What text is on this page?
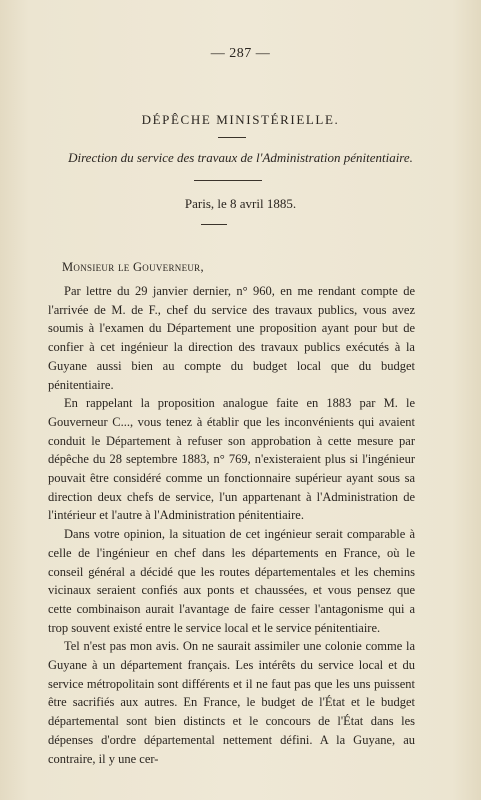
— 287 —
DÉPÊCHE MINISTÉRIELLE.
Direction du service des travaux de l'Administration pénitentiaire.
Paris, le 8 avril 1885.
Monsieur le Gouverneur,

Par lettre du 29 janvier dernier, n° 960, en me rendant compte de l'arrivée de M. de F., chef du service des travaux publics, vous avez soumis à l'examen du Département une proposition ayant pour but de confier à cet ingénieur la direction des travaux publics exécutés à la Guyane aussi bien au compte du budget local que du budget pénitentiaire.

En rappelant la proposition analogue faite en 1883 par M. le Gouverneur C..., vous tenez à établir que les inconvénients qui avaient conduit le Département à refuser son approbation à cette mesure par dépêche du 28 septembre 1883, n° 769, n'existeraient plus si l'ingénieur pouvait être considéré comme un fonctionnaire supérieur ayant sous sa direction deux chefs de service, l'un appartenant à l'Administration de l'intérieur et l'autre à l'Administration pénitentiaire.

Dans votre opinion, la situation de cet ingénieur serait comparable à celle de l'ingénieur en chef dans les départements en France, où le conseil général a décidé que les routes départementales et les chemins vicinaux seraient confiés aux ponts et chaussées, et vous pensez que cette combinaison aurait l'avantage de faire cesser l'antagonisme qui a trop souvent existé entre le service local et le service pénitentiaire.

Tel n'est pas mon avis. On ne saurait assimiler une colonie comme la Guyane à un département français. Les intérêts du service local et du service métropolitain sont différents et il ne faut pas que les uns puissent être sacrifiés aux autres. En France, le budget de l'État et le budget départemental sont bien distincts et le concours de l'État dans les dépenses d'ordre départemental nettement défini. A la Guyane, au contraire, il y une cer-
